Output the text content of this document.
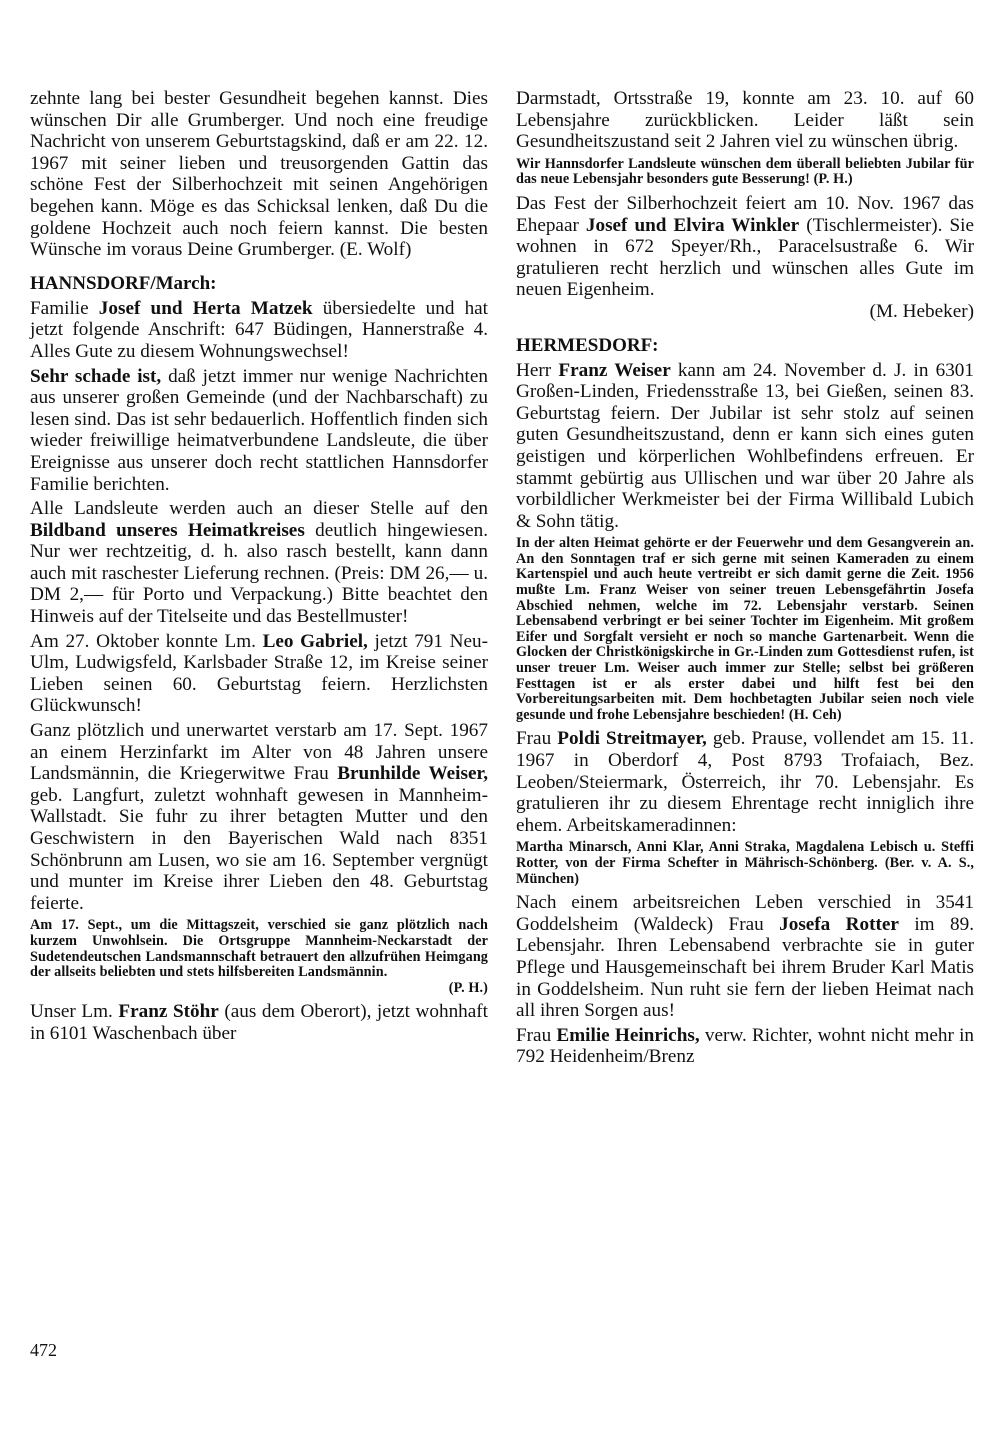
zehnte lang bei bester Gesundheit begehen kannst. Dies wünschen Dir alle Grumberger. Und noch eine freudige Nachricht von unserem Geburtstagskind, daß er am 22. 12. 1967 mit seiner lieben und treusorgenden Gattin das schöne Fest der Silberhochzeit mit seinen Angehörigen begehen kann. Möge es das Schicksal lenken, daß Du die goldene Hochzeit auch noch feiern kannst. Die besten Wünsche im voraus Deine Grumberger. (E. Wolf)

HANNSDORF/March:

Familie Josef und Herta Matzek übersiedelte und hat jetzt folgende Anschrift: 647 Büdingen, Hannerstraße 4. Alles Gute zu diesem Wohnungswechsel!

Sehr schade ist, daß jetzt immer nur wenige Nachrichten aus unserer großen Gemeinde (und der Nachbarschaft) zu lesen sind. Das ist sehr bedauerlich. Hoffentlich finden sich wieder freiwillige heimatverbundene Landsleute, die über Ereignisse aus unserer doch recht stattlichen Hannsdorfer Familie berichten.

Alle Landsleute werden auch an dieser Stelle auf den Bildband unseres Heimatkreises deutlich hingewiesen. Nur wer rechtzeitig, d. h. also rasch bestellt, kann dann auch mit raschester Lieferung rechnen. (Preis: DM 26,— u. DM 2,— für Porto und Verpackung.) Bitte beachtet den Hinweis auf der Titelseite und das Bestellmuster!

Am 27. Oktober konnte Lm. Leo Gabriel, jetzt 791 Neu-Ulm, Ludwigsfeld, Karlsbader Straße 12, im Kreise seiner Lieben seinen 60. Geburtstag feiern. Herzlichsten Glückwunsch!

Ganz plötzlich und unerwartet verstarb am 17. Sept. 1967 an einem Herzinfarkt im Alter von 48 Jahren unsere Landsmännin, die Kriegerwitwe Frau Brunhilde Weiser, geb. Langfurt, zuletzt wohnhaft gewesen in Mannheim-Wallstadt. Sie fuhr zu ihrer betagten Mutter und den Geschwistern in den Bayerischen Wald nach 8351 Schönbrunn am Lusen, wo sie am 16. September vergnügt und munter im Kreise ihrer Lieben den 48. Geburtstag feierte.

Am 17. Sept., um die Mittagszeit, verschied sie ganz plötzlich nach kurzem Unwohlsein. Die Ortsgruppe Mannheim-Neckarstadt der Sudetendeutschen Landsmannschaft betrauert den allzufrühen Heimgang der allseits beliebten und stets hilfsbereiten Landsmännin.
(P. H.)

Unser Lm. Franz Stöhr (aus dem Oberort), jetzt wohnhaft in 6101 Waschenbach über

Darmstadt, Ortsstraße 19, konnte am 23. 10. auf 60 Lebensjahre zurückblicken. Leider läßt sein Gesundheitszustand seit 2 Jahren viel zu wünschen übrig.

Wir Hannsdorfer Landsleute wünschen dem überall beliebten Jubilar für das neue Lebensjahr besonders gute Besserung! (P. H.)

Das Fest der Silberhochzeit feiert am 10. Nov. 1967 das Ehepaar Josef und Elvira Winkler (Tischlermeister). Sie wohnen in 672 Speyer/Rh., Paracelsustraße 6. Wir gratulieren recht herzlich und wünschen alles Gute im neuen Eigenheim.
(M. Hebeker)

HERMESDORF:

Herr Franz Weiser kann am 24. November d. J. in 6301 Großen-Linden, Friedensstraße 13, bei Gießen, seinen 83. Geburtstag feiern. Der Jubilar ist sehr stolz auf seinen guten Gesundheitszustand, denn er kann sich eines guten geistigen und körperlichen Wohlbefindens erfreuen. Er stammt gebürtig aus Ullischen und war über 20 Jahre als vorbildlicher Werkmeister bei der Firma Willibald Lubich & Sohn tätig.

In der alten Heimat gehörte er der Feuerwehr und dem Gesangverein an. An den Sonntagen traf er sich gerne mit seinen Kameraden zu einem Kartenspiel und auch heute vertreibt er sich damit gerne die Zeit. 1956 mußte Lm. Franz Weiser von seiner treuen Lebensgefährtin Josefa Abschied nehmen, welche im 72. Lebensjahr verstarb. Seinen Lebensabend verbringt er bei seiner Tochter im Eigenheim. Mit großem Eifer und Sorgfalt versieht er noch so manche Gartenarbeit. Wenn die Glocken der Christkönigskirche in Gr.-Linden zum Gottesdienst rufen, ist unser treuer Lm. Weiser auch immer zur Stelle; selbst bei größeren Festtagen ist er als erster dabei und hilft fest bei den Vorbereitungsarbeiten mit. Dem hochbetagten Jubilar seien noch viele gesunde und frohe Lebensjahre beschieden! (H. Ceh)

Frau Poldi Streitmayer, geb. Prause, vollendet am 15. 11. 1967 in Oberdorf 4, Post 8793 Trofaiach, Bez. Leoben/Steiermark, Österreich, ihr 70. Lebensjahr. Es gratulieren ihr zu diesem Ehrentage recht inniglich ihre ehem. Arbeitskameradinnen:

Martha Minarsch, Anni Klar, Anni Straka, Magdalena Lebisch u. Steffi Rotter, von der Firma Schefter in Mährisch-Schönberg. (Ber. v. A. S., München)

Nach einem arbeitsreichen Leben verschied in 3541 Goddelsheim (Waldeck) Frau Josefa Rotter im 89. Lebensjahr. Ihren Lebensabend verbrachte sie in guter Pflege und Hausgemeinschaft bei ihrem Bruder Karl Matis in Goddelsheim. Nun ruht sie fern der lieben Heimat nach all ihren Sorgen aus!

Frau Emilie Heinrichs, verw. Richter, wohnt nicht mehr in 792 Heidenheim/Brenz

472
